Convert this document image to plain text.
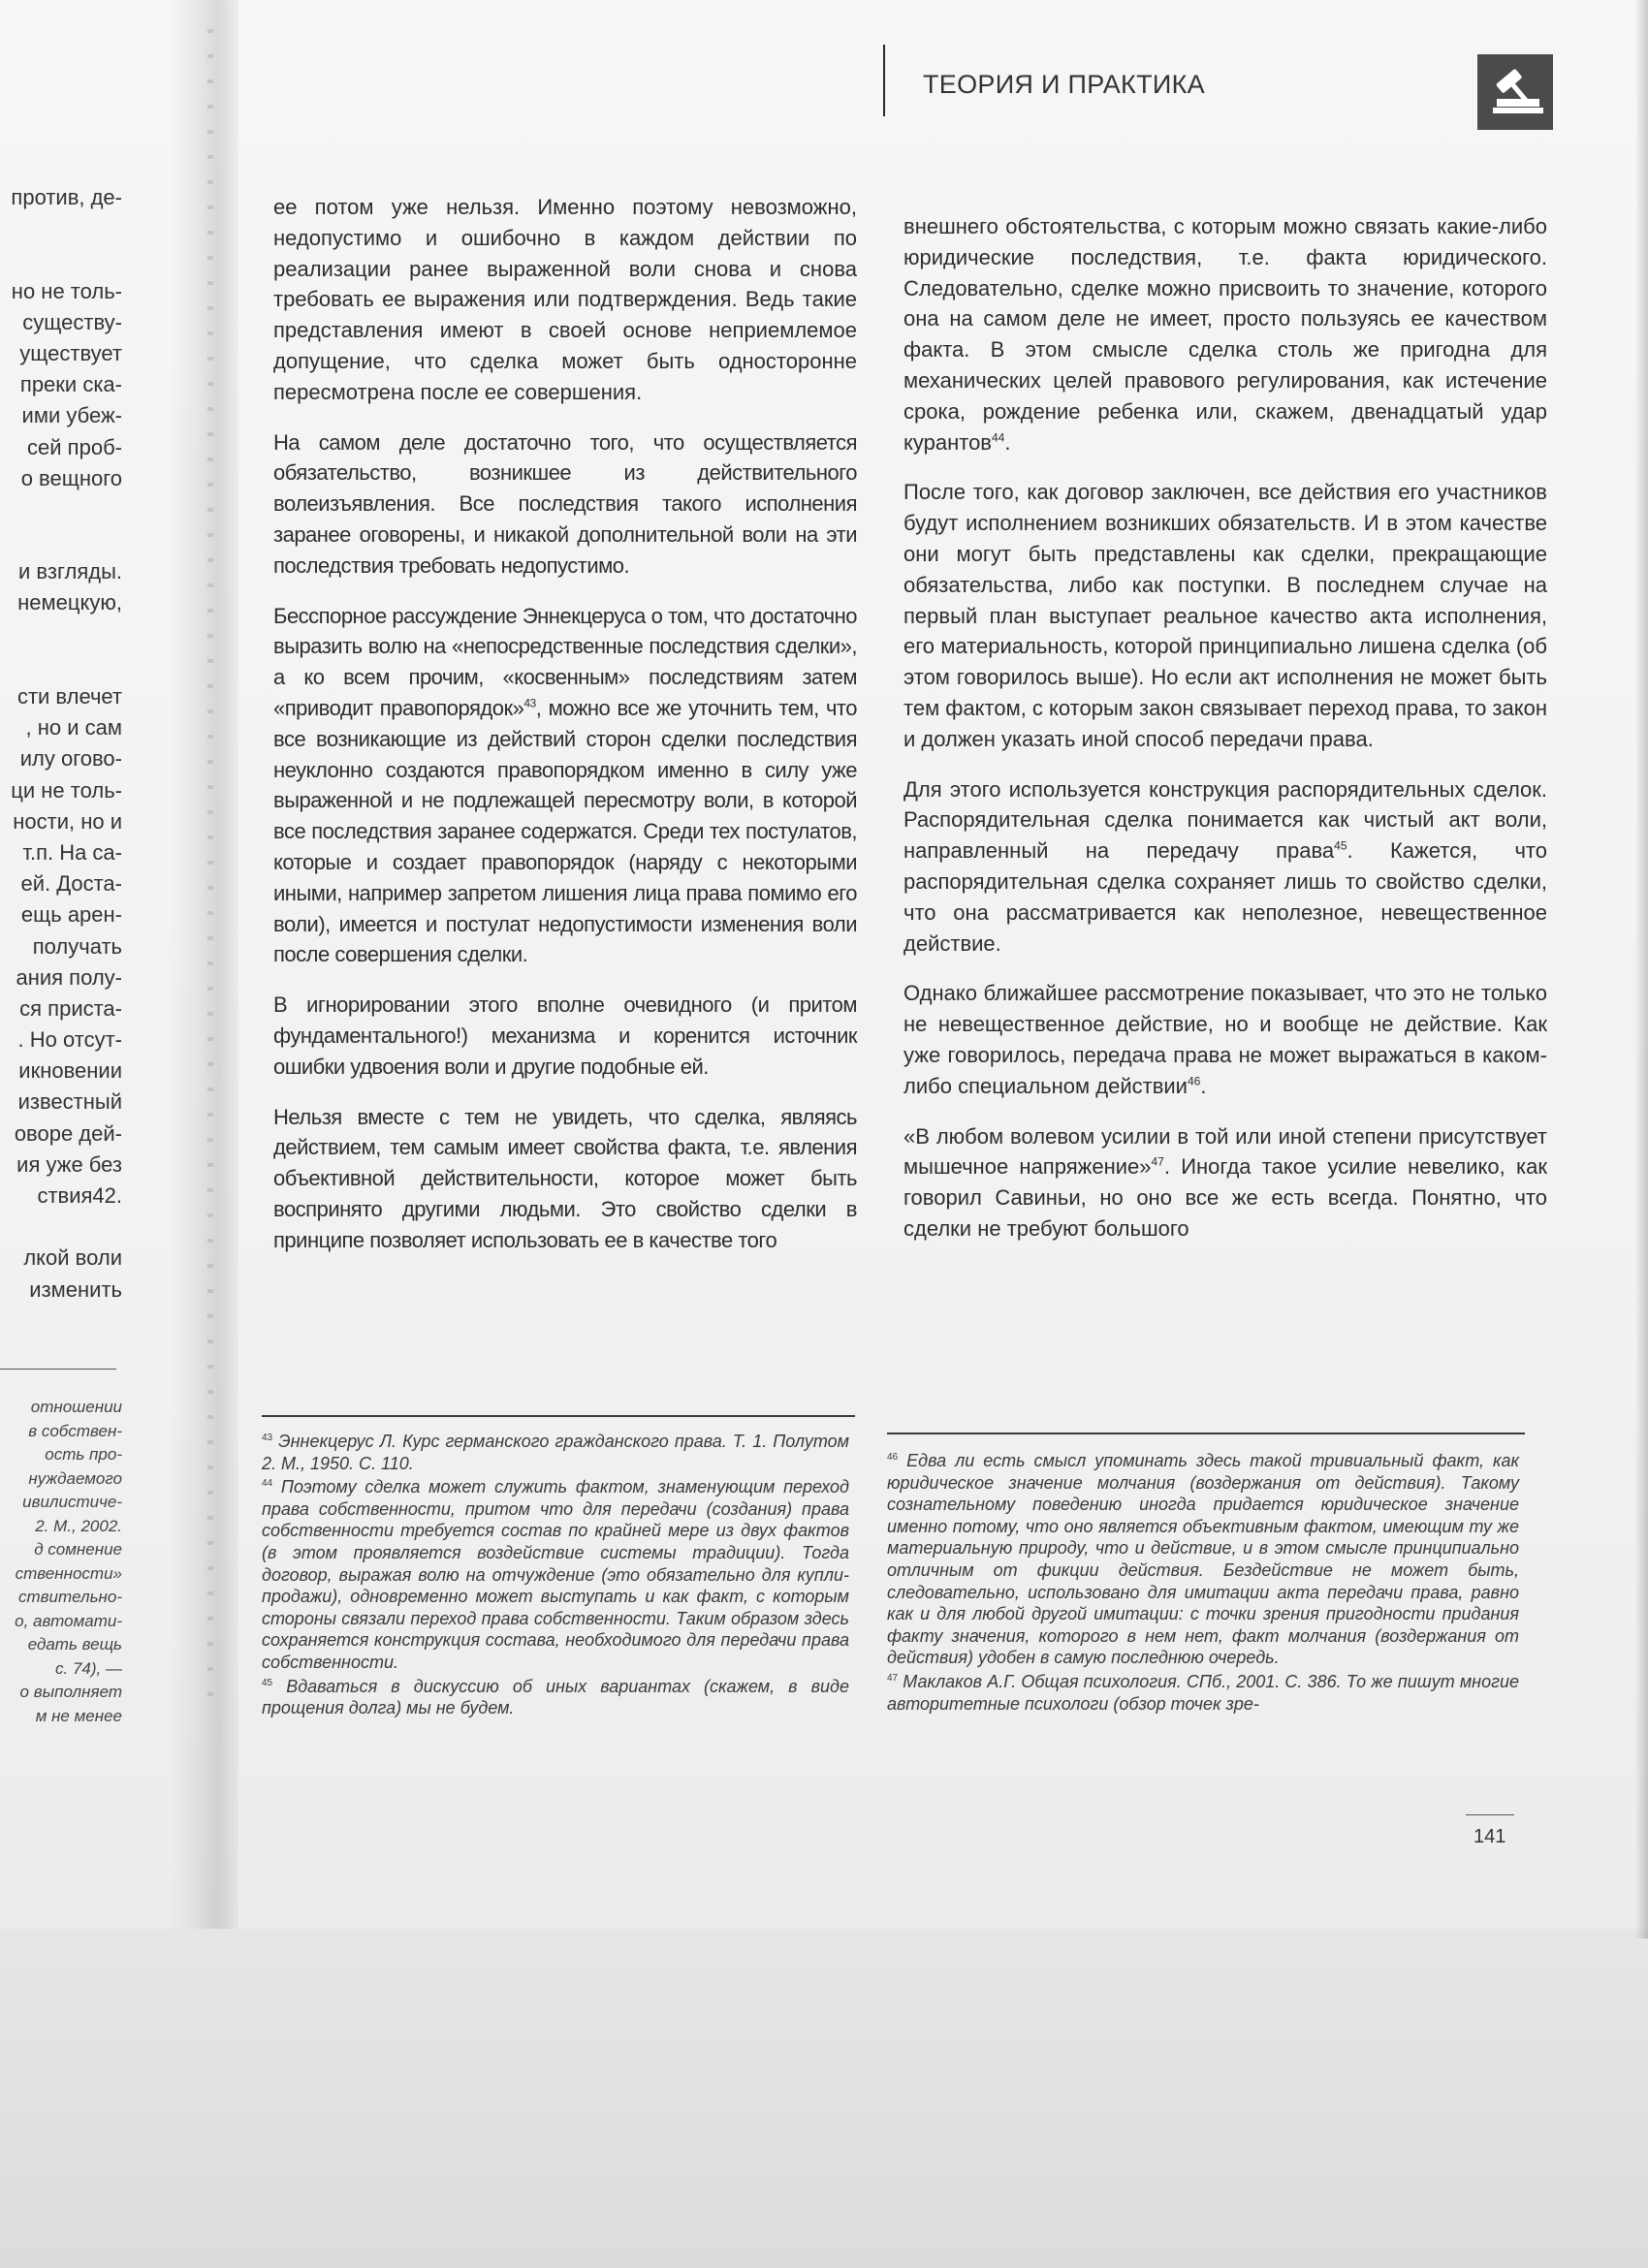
ТЕОРИЯ И ПРАКТИКА
против, де-
но не толь-
существу-
уществует
преки ска-
ими убеж-
сей проб-
о вещного
и взгляды.
немецкую,
сти влечет
, но и сам
илу огово-
ци не толь-
ности, но и
т.п. На са-
ей. Доста-
ещь арен-
получать
ания полу-
ся приста-
. Но отсут-
икновении
известный
оворе дей-
ия уже без
ствия42.
лкой воли
изменить
отношении
в собствен-
ость про-
нуждаемого
ивилистиче-
2. М., 2002.
д сомнение
ственности»
ствительно-
о, автомати-
едать вещь
с. 74), —
о выполняет
м не менее

ее потом уже нельзя. Именно поэтому невозможно, недопустимо и ошибочно в каждом действии по реализации ранее выраженной воли снова и снова требовать ее выражения или подтверждения. Ведь такие представления имеют в своей основе неприемлемое допущение, что сделка может быть односторонне пересмотрена после ее совершения.

На самом деле достаточно того, что осуществляется обязательство, возникшее из действительного волеизъявления. Все последствия такого исполнения заранее оговорены, и никакой дополнительной воли на эти последствия требовать недопустимо.

Бесспорное рассуждение Эннекцеруса о том, что достаточно выразить волю на «непосредственные последствия сделки», а ко всем прочим, «косвенным» последствиям затем «приводит правопорядок»$^{43}$, можно все же уточнить тем, что все возникающие из действий сторон сделки последствия неуклонно создаются правопорядком именно в силу уже выраженной и не подлежащей пересмотру воли, в которой все последствия заранее содержатся. Среди тех постулатов, которые и создает правопорядок (наряду с некоторыми иными, например запретом лишения лица права помимо его воли), имеется и постулат недопустимости изменения воли после совершения сделки.

В игнорировании этого вполне очевидного (и притом фундаментального!) механизма и коренится источник ошибки удвоения воли и другие подобные ей.

Нельзя вместе с тем не увидеть, что сделка, являясь действием, тем самым имеет свойства факта, т.е. явления объективной действительности, которое может быть воспринято другими людьми. Это свойство сделки в принципе позволяет использовать ее в качестве того

$^{43}$ Эннекцерус Л. Курс германского гражданского права. Т. 1. Полутом 2. М., 1950. С. 110.

$^{44}$ Поэтому сделка может служить фактом, знаменующим переход права собственности, притом что для передачи (создания) права собственности требуется состав по крайней мере из двух фактов (в этом проявляется воздействие системы традиции). Тогда договор, выражая волю на отчуждение (это обязательно для купли-продажи), одновременно может выступать и как факт, с которым стороны связали переход права собственности. Таким образом здесь сохраняется конструкция состава, необходимого для передачи права собственности.

$^{45}$ Вдаваться в дискуссию об иных вариантах (скажем, в виде прощения долга) мы не будем.

внешнего обстоятельства, с которым можно связать какие-либо юридические последствия, т.е. факта юридического. Следовательно, сделке можно присвоить то значение, которого она на самом деле не имеет, просто пользуясь ее качеством факта. В этом смысле сделка столь же пригодна для механических целей правового регулирования, как истечение срока, рождение ребенка или, скажем, двенадцатый удар курантов$^{44}$.

После того, как договор заключен, все действия его участников будут исполнением возникших обязательств. И в этом качестве они могут быть представлены как сделки, прекращающие обязательства, либо как поступки. В последнем случае на первый план выступает реальное качество акта исполнения, его материальность, которой принципиально лишена сделка (об этом говорилось выше). Но если акт исполнения не может быть тем фактом, с которым закон связывает переход права, то закон и должен указать иной способ передачи права.

Для этого используется конструкция распорядительных сделок. Распорядительная сделка понимается как чистый акт воли, направленный на передачу права$^{45}$. Кажется, что распорядительная сделка сохраняет лишь то свойство сделки, что она рассматривается как неполезное, невещественное действие.

Однако ближайшее рассмотрение показывает, что это не только не невещественное действие, но и вообще не действие. Как уже говорилось, передача права не может выражаться в каком-либо специальном действии$^{46}$.

«В любом волевом усилии в той или иной степени присутствует мышечное напряжение»$^{47}$. Иногда такое усилие невелико, как говорил Савиньи, но оно все же есть всегда. Понятно, что сделки не требуют большого

$^{46}$ Едва ли есть смысл упоминать здесь такой тривиальный факт, как юридическое значение молчания (воздержания от действия). Такому сознательному поведению иногда придается юридическое значение именно потому, что оно является объективным фактом, имеющим ту же материальную природу, что и действие, и в этом смысле принципиально отличным от фикции действия. Бездействие не может быть, следовательно, использовано для имитации акта передачи права, равно как и для любой другой имитации: с точки зрения пригодности придания факту значения, которого в нем нет, факт молчания (воздержания от действия) удобен в самую последнюю очередь.

$^{47}$ Маклаков А.Г. Общая психология. СПб., 2001. С. 386. То же пишут многие авторитетные психологи (обзор точек зре-

141
